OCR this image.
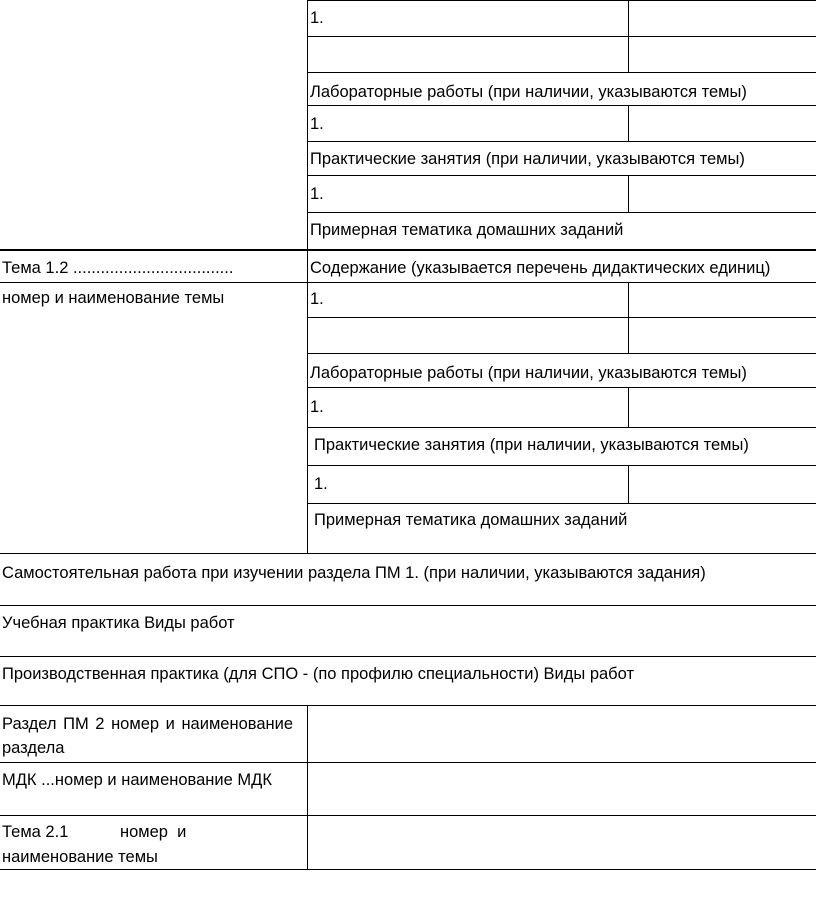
1.
Лабораторные работы (при наличии, указываются темы)
1.
Практические занятия (при наличии, указываются темы)
1.
Примерная тематика домашних заданий
Тема 1.2 ...................................
номер и наименование темы
Содержание (указывается перечень дидактических единиц)
1.
Лабораторные работы (при наличии, указываются темы)
1.
Практические занятия (при наличии, указываются темы)
1.
Примерная тематика домашних заданий
Самостоятельная работа при изучении раздела ПМ 1. (при наличии, указываются задания)
Учебная практика Виды работ
Производственная практика (для СПО - (по профилю специальности) Виды работ
Раздел ПМ 2 номер и наименование раздела
МДК ...номер и наименование МДК
Тема 2.1	номер  и
наименование темы
